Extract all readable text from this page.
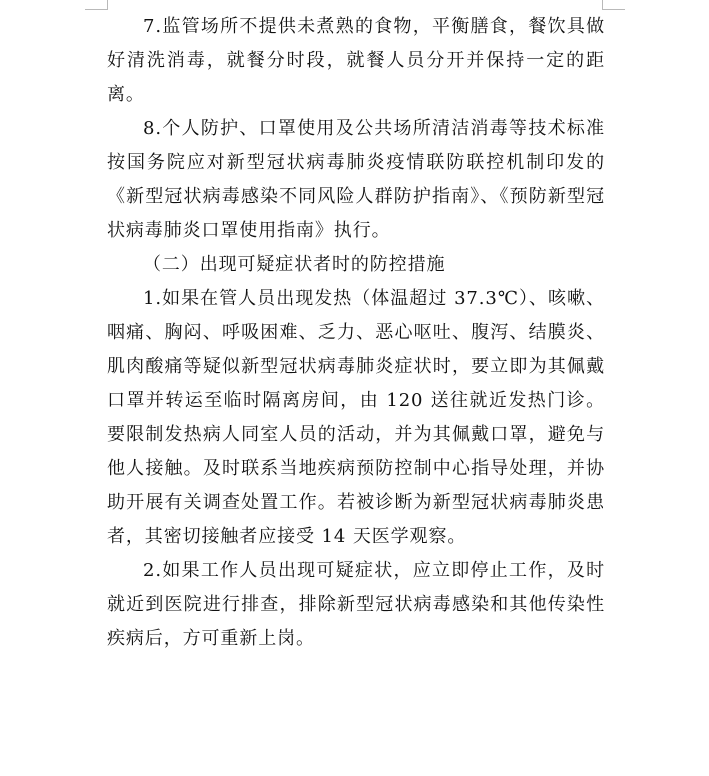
7.监管场所不提供未煮熟的食物，平衡膳食，餐饮具做好清洗消毒，就餐分时段，就餐人员分开并保持一定的距离。

8.个人防护、口罩使用及公共场所清洁消毒等技术标准按国务院应对新型冠状病毒肺炎疫情联防联控机制印发的《新型冠状病毒感染不同风险人群防护指南》、《预防新型冠状病毒肺炎口罩使用指南》执行。

（二）出现可疑症状者时的防控措施

1.如果在管人员出现发热（体温超过 37.3℃）、咳嗽、咽痛、胸闷、呼吸困难、乏力、恶心呕吐、腹泻、结膜炎、肌肉酸痛等疑似新型冠状病毒肺炎症状时，要立即为其佩戴口罩并转运至临时隔离房间，由 120 送往就近发热门诊。要限制发热病人同室人员的活动，并为其佩戴口罩，避免与他人接触。及时联系当地疾病预防控制中心指导处理，并协助开展有关调查处置工作。若被诊断为新型冠状病毒肺炎患者，其密切接触者应接受 14 天医学观察。

2.如果工作人员出现可疑症状，应立即停止工作，及时就近到医院进行排查，排除新型冠状病毒感染和其他传染性疾病后，方可重新上岗。
